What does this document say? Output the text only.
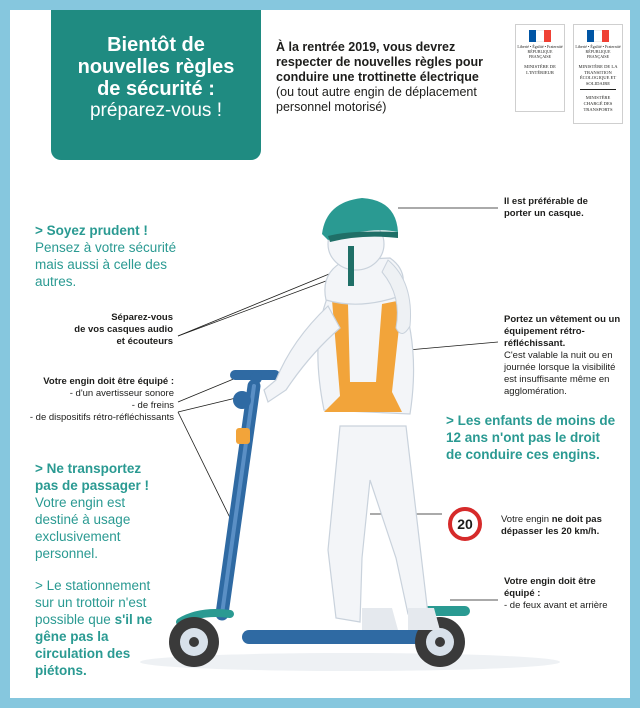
Bientôt de
nouvelles règles
de sécurité :
préparez-vous !
À la rentrée 2019, vous devrez respecter de nouvelles règles pour conduire une trottinette électrique
(ou tout autre engin de déplacement personnel motorisé)
Liberté • Égalité • Fraternité RÉPUBLIQUE FRANÇAISE
MINISTÈRE DE L'INTÉRIEUR
Liberté • Égalité • Fraternité RÉPUBLIQUE FRANÇAISE
MINISTÈRE DE LA TRANSITION ÉCOLOGIQUE ET SOLIDAIRE
MINISTÈRE CHARGÉ DES TRANSPORTS
> Soyez prudent !
Pensez à votre sécurité mais aussi à celle des autres.
Séparez-vous
de vos casques audio
et écouteurs
Votre engin doit être équipé :
- d'un avertisseur sonore
- de freins
- de dispositifs rétro-réfléchissants
> Ne transportez pas de passager !
Votre engin est destiné à usage exclusivement personnel.
> Le stationnement sur un trottoir n'est possible que s'il ne gêne pas la circulation des piétons.
Il est préférable de porter un casque.
Portez un vêtement ou un équipement rétro-réfléchissant.
C'est valable la nuit ou en journée lorsque la visibilité est insuffisante même en agglomération.
> Les enfants de moins de 12 ans n'ont pas le droit de conduire ces engins.
20	Votre engin ne doit pas dépasser les 20 km/h.
Votre engin doit être équipé :
- de feux avant et arrière
